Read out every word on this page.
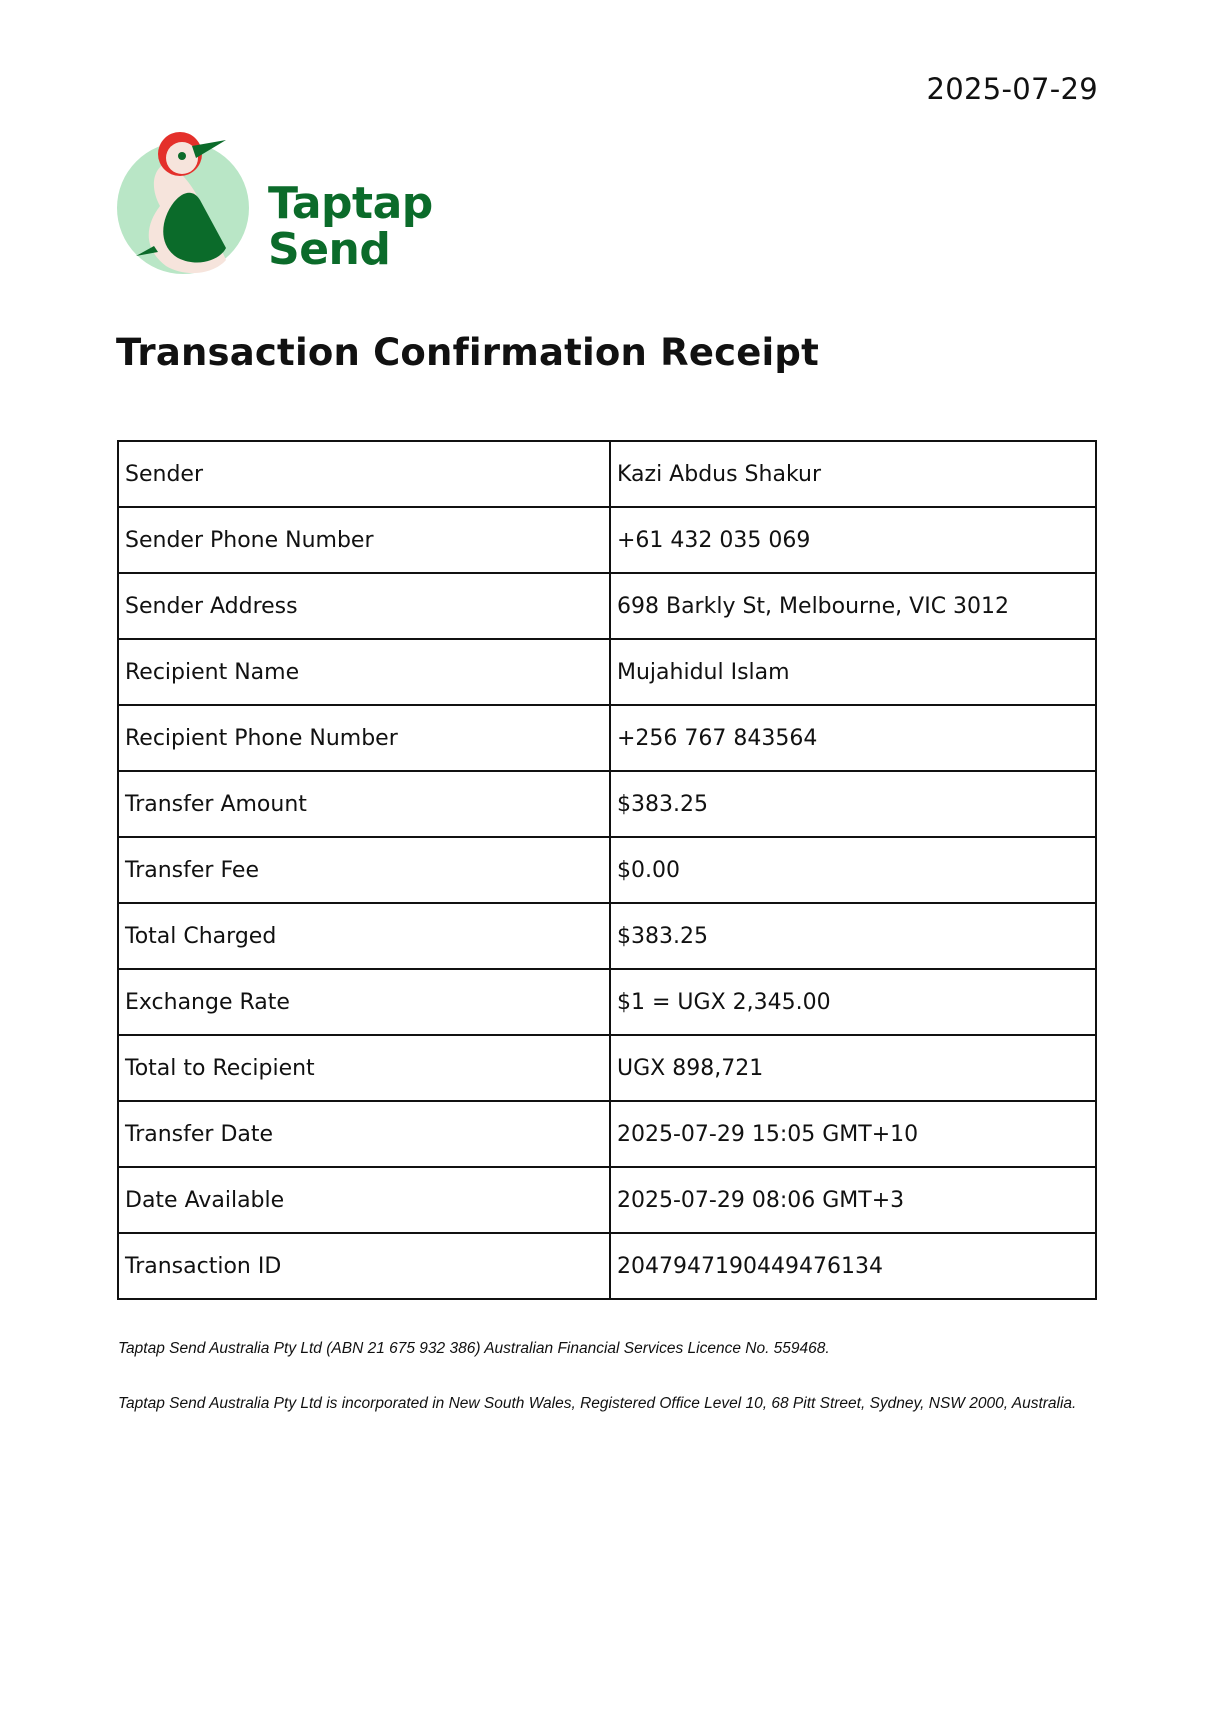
2025-07-29
Taptap
Send
Transaction Confirmation Receipt
Sender	Kazi Abdus Shakur
Sender Phone Number	+61 432 035 069
Sender Address	698 Barkly St, Melbourne, VIC 3012
Recipient Name	Mujahidul Islam
Recipient Phone Number	+256 767 843564
Transfer Amount	$383.25
Transfer Fee	$0.00
Total Charged	$383.25
Exchange Rate	$1 = UGX 2,345.00
Total to Recipient	UGX 898,721
Transfer Date	2025-07-29 15:05 GMT+10
Date Available	2025-07-29 08:06 GMT+3
Transaction ID	2047947190449476134
Taptap Send Australia Pty Ltd (ABN 21 675 932 386) Australian Financial Services Licence No. 559468.
Taptap Send Australia Pty Ltd is incorporated in New South Wales, Registered Office Level 10, 68 Pitt Street, Sydney, NSW 2000, Australia.
